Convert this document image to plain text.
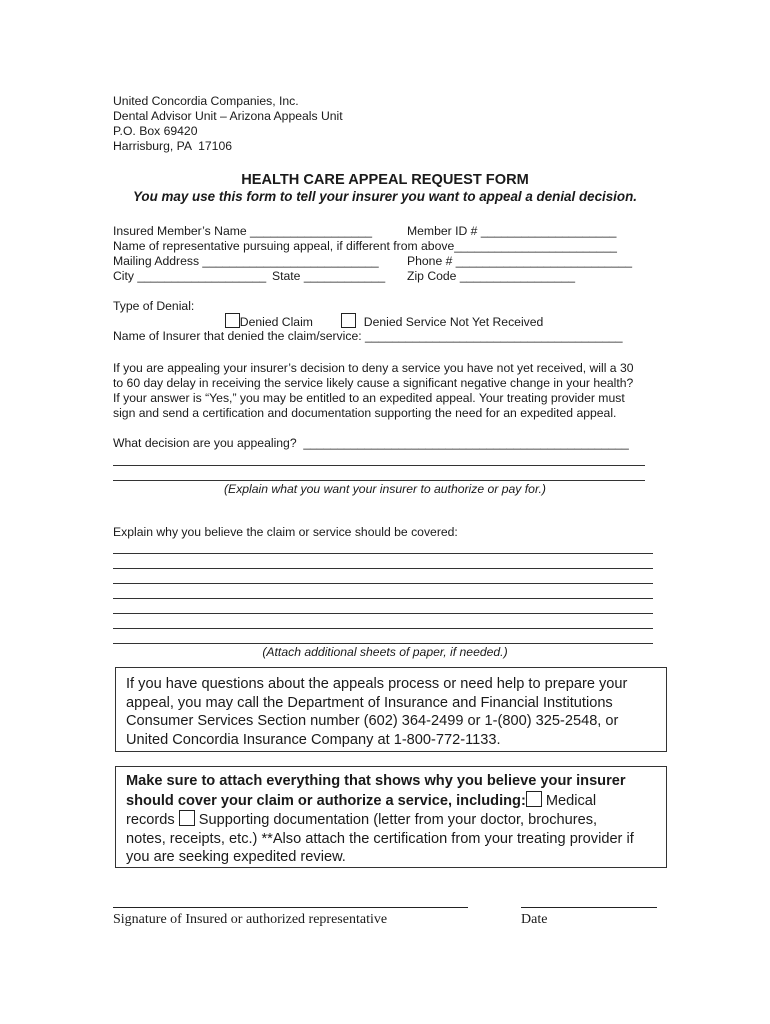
United Concordia Companies, Inc.
Dental Advisor Unit – Arizona Appeals Unit
P.O. Box 69420
Harrisburg, PA  17106
HEALTH CARE APPEAL REQUEST FORM
You may use this form to tell your insurer you want to appeal a denial decision.
Insured Member’s Name __________________	Member ID # ____________________
Name of representative pursuing appeal, if different from above________________________
Mailing Address __________________________ Phone # __________________________
City ___________________ State ____________ Zip Code _________________
Type of Denial:

Denied Claim	Denied Service Not Yet Received

Name of Insurer that denied the claim/service: ______________________________________
If you are appealing your insurer’s decision to deny a service you have not yet received, will a 30
to 60 day delay in receiving the service likely cause a significant negative change in your health?
If your answer is “Yes,” you may be entitled to an expedited appeal. Your treating provider must
sign and send a certification and documentation supporting the need for an expedited appeal.
What decision are you appealing?  ________________________________________________
(Explain what you want your insurer to authorize or pay for.)
Explain why you believe the claim or service should be covered:
(Attach additional sheets of paper, if needed.)
If you have questions about the appeals process or need help to prepare your
appeal, you may call the Department of Insurance and Financial Institutions
Consumer Services Section number (602) 364-2499 or 1-(800) 325-2548, or
United Concordia Insurance Company at 1-800-772-1133.
Make sure to attach everything that shows why you believe your insurer
should cover your claim or authorize a service, including: Medical
records  Supporting documentation (letter from your doctor, brochures,
notes, receipts, etc.) **Also attach the certification from your treating provider if
you are seeking expedited review.
Signature of Insured or authorized representative	Date
